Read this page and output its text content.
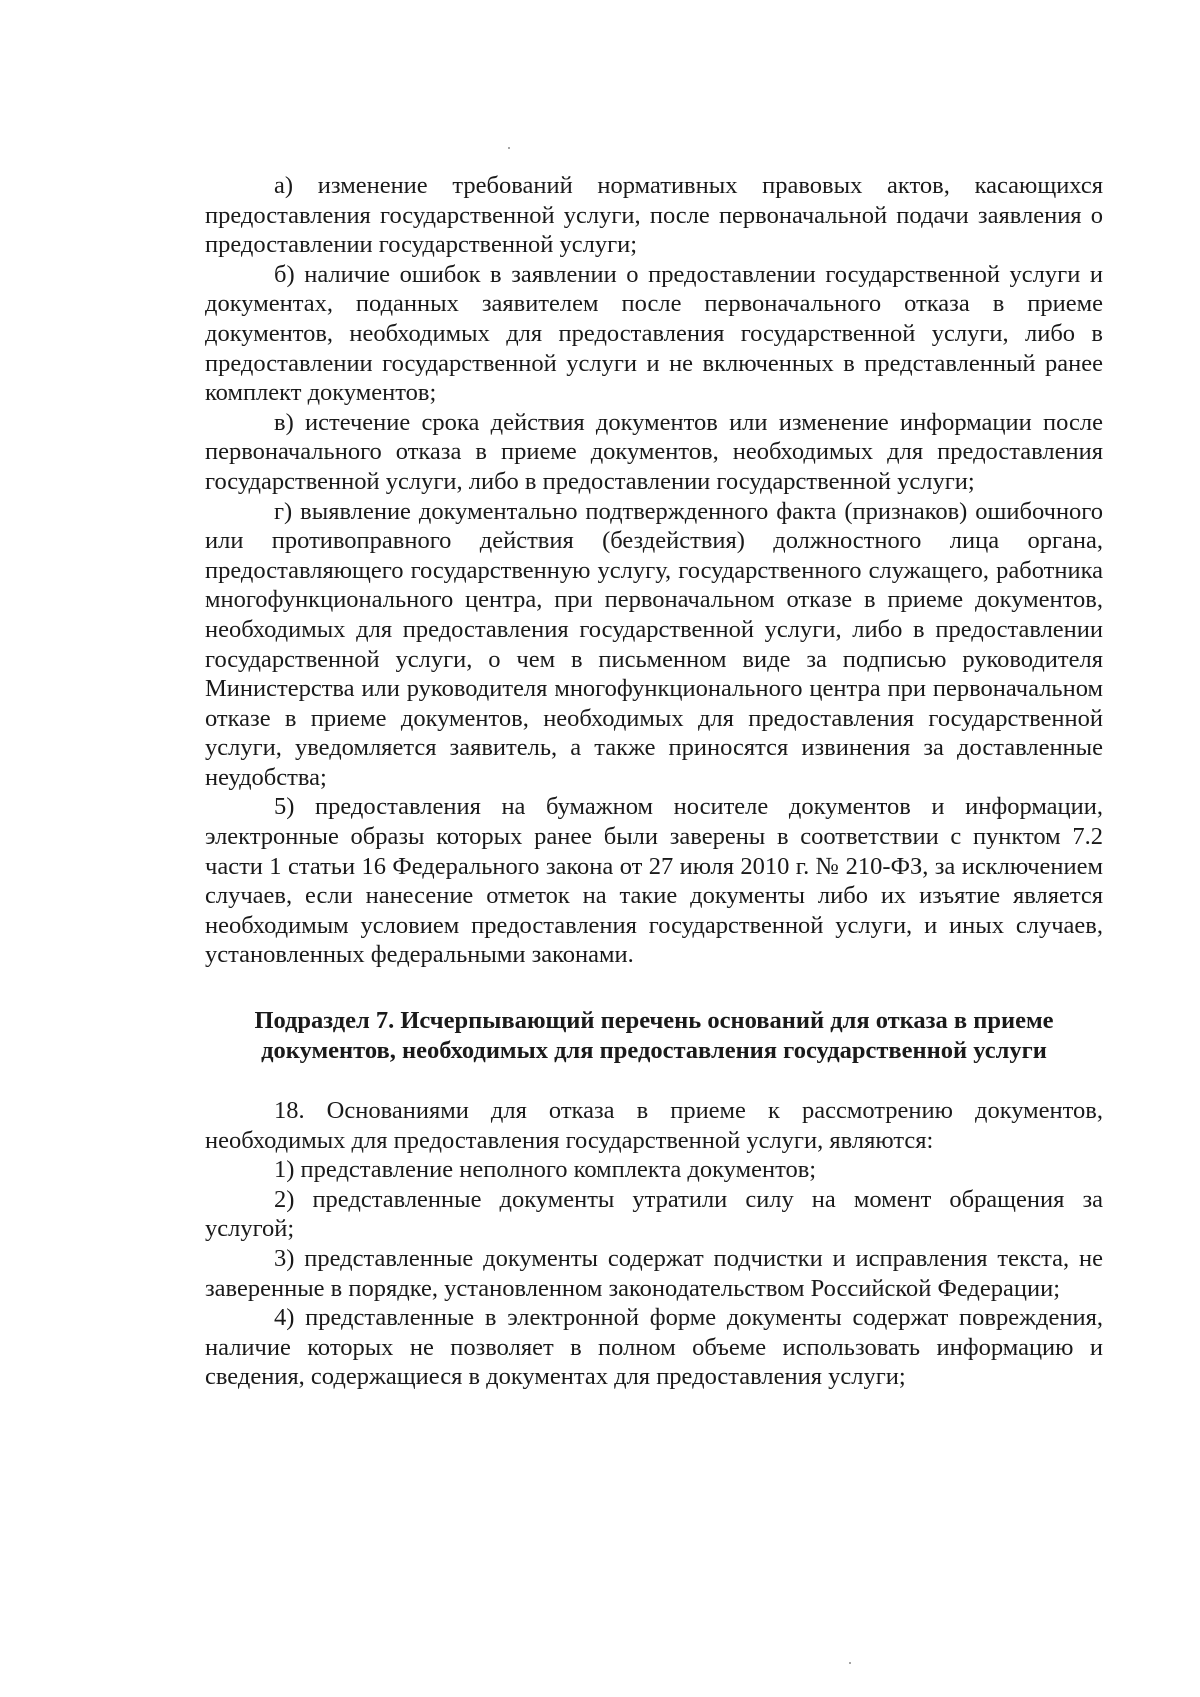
а) изменение требований нормативных правовых актов, касающихся предоставления государственной услуги, после первоначальной подачи заявления о предоставлении государственной услуги;

б) наличие ошибок в заявлении о предоставлении государственной услуги и документах, поданных заявителем после первоначального отказа в приеме документов, необходимых для предоставления государственной услуги, либо в предоставлении государственной услуги и не включенных в представленный ранее комплект документов;

в) истечение срока действия документов или изменение информации после первоначального отказа в приеме документов, необходимых для предоставления государственной услуги, либо в предоставлении государственной услуги;

г) выявление документально подтвержденного факта (признаков) ошибочного или противоправного действия (бездействия) должностного лица органа, предоставляющего государственную услугу, государственного служащего, работника многофункционального центра, при первоначальном отказе в приеме документов, необходимых для предоставления государственной услуги, либо в предоставлении государственной услуги, о чем в письменном виде за подписью руководителя Министерства или руководителя многофункционального центра при первоначальном отказе в приеме документов, необходимых для предоставления государственной услуги, уведомляется заявитель, а также приносятся извинения за доставленные неудобства;

5) предоставления на бумажном носителе документов и информации, электронные образы которых ранее были заверены в соответствии с пунктом 7.2 части 1 статьи 16 Федерального закона от 27 июля 2010 г. № 210-ФЗ, за исключением случаев, если нанесение отметок на такие документы либо их изъятие является необходимым условием предоставления государственной услуги, и иных случаев, установленных федеральными законами.

Подраздел 7. Исчерпывающий перечень оснований для отказа в приеме документов, необходимых для предоставления государственной услуги

18. Основаниями для отказа в приеме к рассмотрению документов, необходимых для предоставления государственной услуги, являются:

1) представление неполного комплекта документов;

2) представленные документы утратили силу на момент обращения за услугой;

3) представленные документы содержат подчистки и исправления текста, не заверенные в порядке, установленном законодательством Российской Федерации;

4) представленные в электронной форме документы содержат повреждения, наличие которых не позволяет в полном объеме использовать информацию и сведения, содержащиеся в документах для предоставления услуги;
